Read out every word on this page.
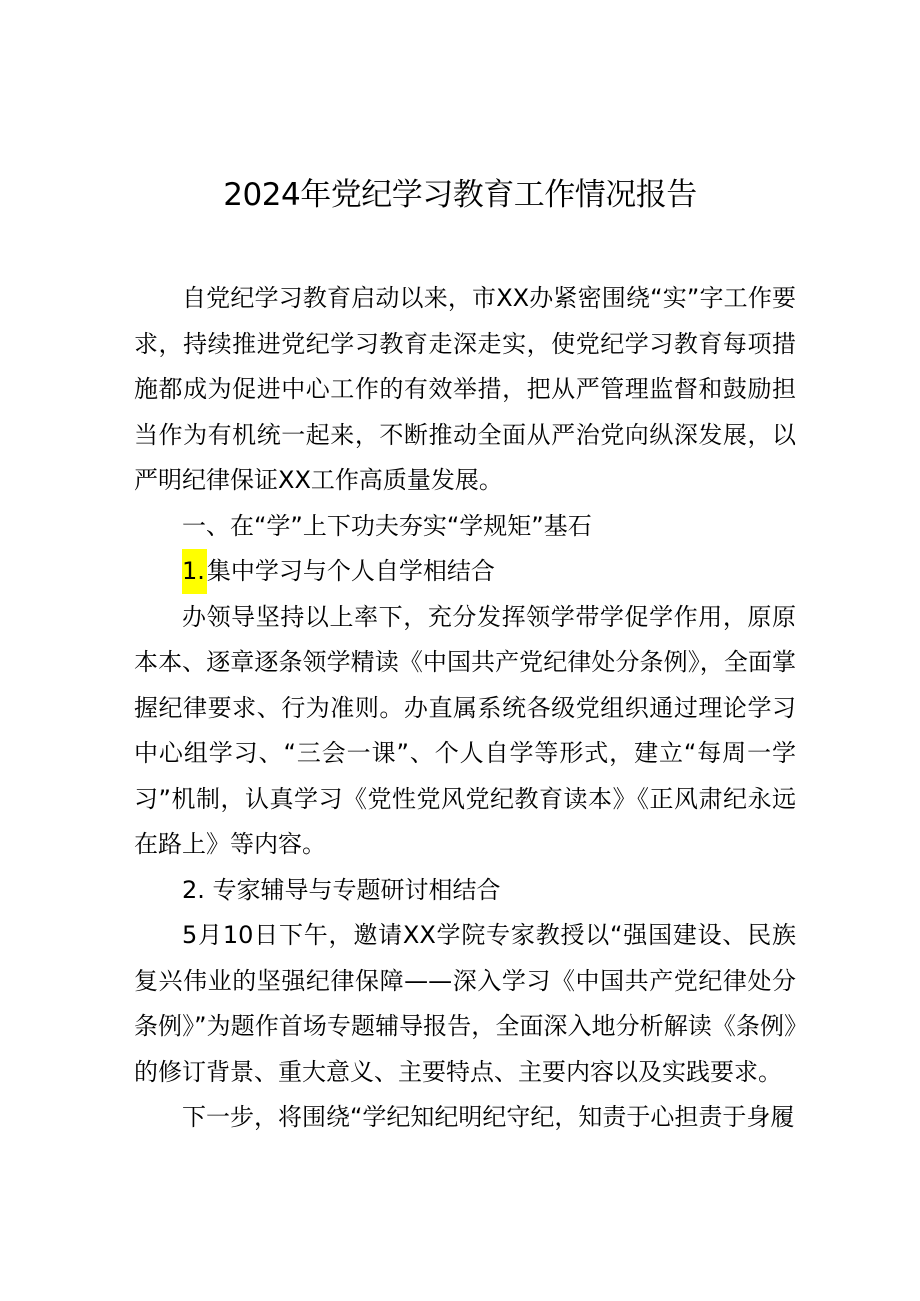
2024年党纪学习教育工作情况报告

自党纪学习教育启动以来，市XX办紧密围绕“实”字工作要求，持续推进党纪学习教育走深走实，使党纪学习教育每项措施都成为促进中心工作的有效举措，把从严管理监督和鼓励担当作为有机统一起来，不断推动全面从严治党向纵深发展，以严明纪律保证XX工作高质量发展。

一、在“学”上下功夫夯实“学规矩”基石

1.集中学习与个人自学相结合

办领导坚持以上率下，充分发挥领学带学促学作用，原原本本、逐章逐条领学精读《中国共产党纪律处分条例》，全面掌握纪律要求、行为准则。办直属系统各级党组织通过理论学习中心组学习、“三会一课”、个人自学等形式，建立“每周一学习”机制，认真学习《党性党风党纪教育读本》《正风肃纪永远在路上》等内容。

2. 专家辅导与专题研讨相结合

5月10日下午，邀请XX学院专家教授以“强国建设、民族复兴伟业的坚强纪律保障——深入学习《中国共产党纪律处分条例》”为题作首场专题辅导报告，全面深入地分析解读《条例》的修订背景、重大意义、主要特点、主要内容以及实践要求。

下一步，将围绕“学纪知纪明纪守纪，知责于心担责于身履
